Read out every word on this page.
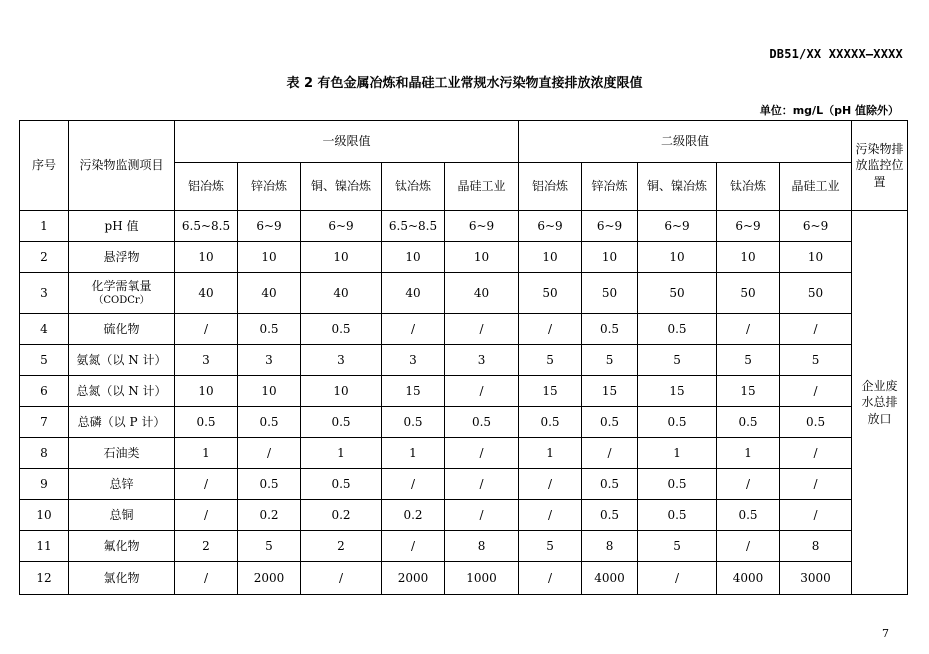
DB51/XX XXXXX—XXXX
表 2 有色金属冶炼和晶硅工业常规水污染物直接排放浓度限值
单位：mg/L（pH 值除外）
序号	污染物监测项目	一级限值					二级限值					污染物排放监控位置
		铝冶炼	锌冶炼	铜、镍冶炼	钛冶炼	晶硅工业	铝冶炼	锌冶炼	铜、镍冶炼	钛冶炼	晶硅工业	
1	pH 值	6.5~8.5	6~9	6~9	6.5~8.5	6~9	6~9	6~9	6~9	6~9	6~9	企业废水总排放口
2	悬浮物	10	10	10	10	10	10	10	10	10	10	
3	化学需氧量
（CODCr）	40	40	40	40	40	50	50	50	50	50	
4	硫化物	/	0.5	0.5	/	/	/	0.5	0.5	/	/	
5	氨氮（以 N 计）	3	3	3	3	3	5	5	5	5	5	
6	总氮（以 N 计）	10	10	10	15	/	15	15	15	15	/	
7	总磷（以 P 计）	0.5	0.5	0.5	0.5	0.5	0.5	0.5	0.5	0.5	0.5	
8	石油类	1	/	1	1	/	1	/	1	1	/	
9	总锌	/	0.5	0.5	/	/	/	0.5	0.5	/	/	
10	总铜	/	0.2	0.2	0.2	/	/	0.5	0.5	0.5	/	
11	氟化物	2	5	2	/	8	5	8	5	/	8	
12	氯化物	/	2000	/	2000	1000	/	4000	/	4000	3000	
7
